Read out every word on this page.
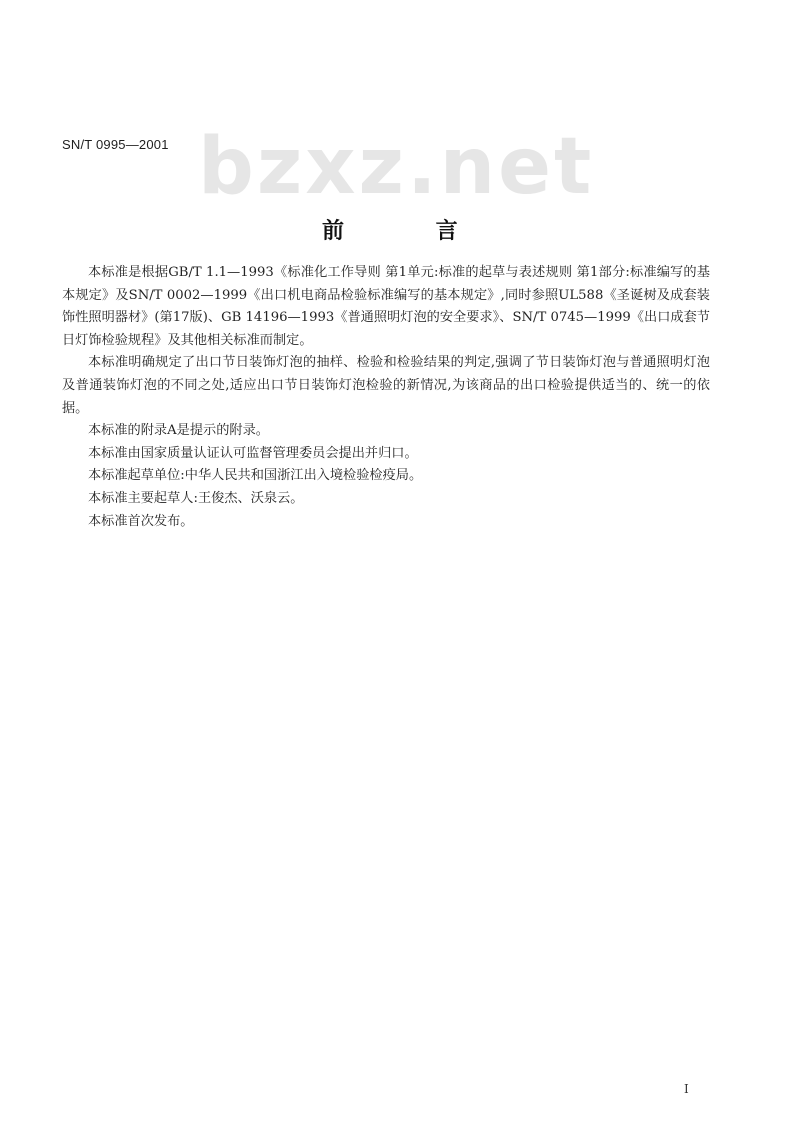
bzxz.net
SN/T 0995—2001
前 言

本标准是根据GB/T 1.1—1993《标准化工作导则 第1单元:标准的起草与表述规则 第1部分:标准编写的基本规定》及SN/T 0002—1999《出口机电商品检验标准编写的基本规定》,同时参照UL588《圣诞树及成套装饰性照明器材》(第17版)、GB 14196—1993《普通照明灯泡的安全要求》、SN/T 0745—1999《出口成套节日灯饰检验规程》及其他相关标准而制定。

本标准明确规定了出口节日装饰灯泡的抽样、检验和检验结果的判定,强调了节日装饰灯泡与普通照明灯泡及普通装饰灯泡的不同之处,适应出口节日装饰灯泡检验的新情况,为该商品的出口检验提供适当的、统一的依据。

本标准的附录A是提示的附录。

本标准由国家质量认证认可监督管理委员会提出并归口。

本标准起草单位:中华人民共和国浙江出入境检验检疫局。

本标准主要起草人:王俊杰、沃泉云。

本标准首次发布。

I
